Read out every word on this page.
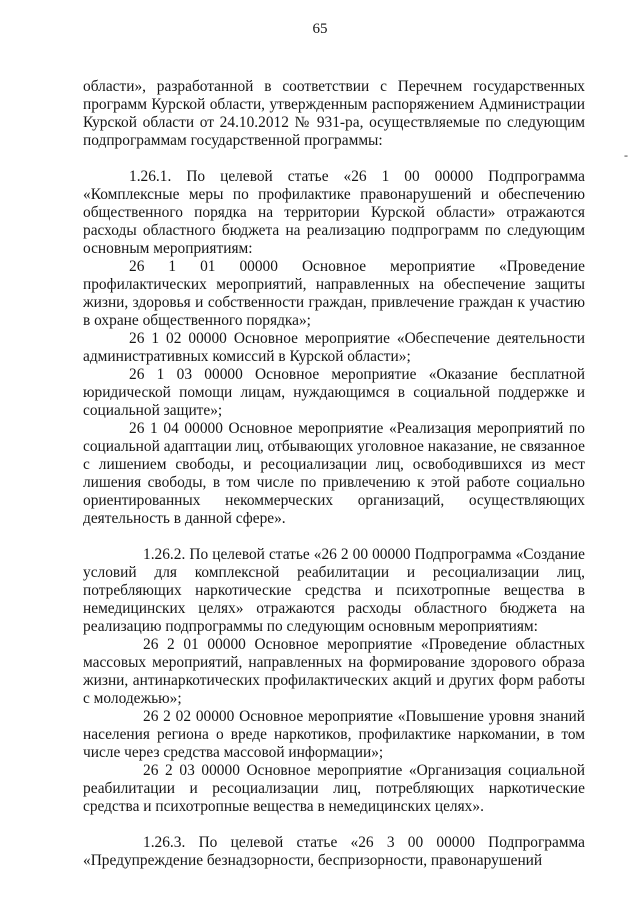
65
-

области», разработанной в соответствии с Перечнем государственных программ Курской области, утвержденным распоряжением Администрации Курской области от 24.10.2012 № 931-ра, осуществляемые по следующим подпрограммам государственной программы:

1.26.1. По целевой статье «26 1 00 00000 Подпрограмма «Комплексные меры по профилактике правонарушений и обеспечению общественного порядка на территории Курской области» отражаются расходы областного бюджета на реализацию подпрограмм по следующим основным мероприятиям:

26 1 01 00000 Основное мероприятие «Проведение профилактических мероприятий, направленных на обеспечение защиты жизни, здоровья и собственности граждан, привлечение граждан к участию в охране общественного порядка»;

26 1 02 00000 Основное мероприятие «Обеспечение деятельности административных комиссий в Курской области»;

26 1 03 00000 Основное мероприятие «Оказание бесплатной юридической помощи лицам, нуждающимся в социальной поддержке и социальной защите»;

26 1 04 00000 Основное мероприятие «Реализация мероприятий по социальной адаптации лиц, отбывающих уголовное наказание, не связанное с лишением свободы, и ресоциализации лиц, освободившихся из мест лишения свободы, в том числе по привлечению к этой работе социально ориентированных некоммерческих организаций, осуществляющих деятельность в данной сфере».

1.26.2. По целевой статье «26 2 00 00000 Подпрограмма «Создание условий для комплексной реабилитации и ресоциализации лиц, потребляющих наркотические средства и психотропные вещества в немедицинских целях» отражаются расходы областного бюджета на реализацию подпрограммы по следующим основным мероприятиям:

26 2 01 00000 Основное мероприятие «Проведение областных массовых мероприятий, направленных на формирование здорового образа жизни, антинаркотических профилактических акций и других форм работы с молодежью»;

26 2 02 00000 Основное мероприятие «Повышение уровня знаний населения региона о вреде наркотиков, профилактике наркомании, в том числе через средства массовой информации»;

26 2 03 00000 Основное мероприятие «Организация социальной реабилитации и ресоциализации лиц, потребляющих наркотические средства и психотропные вещества в немедицинских целях».

1.26.3. По целевой статье «26 3 00 00000 Подпрограмма «Предупреждение безнадзорности, беспризорности, правонарушений
